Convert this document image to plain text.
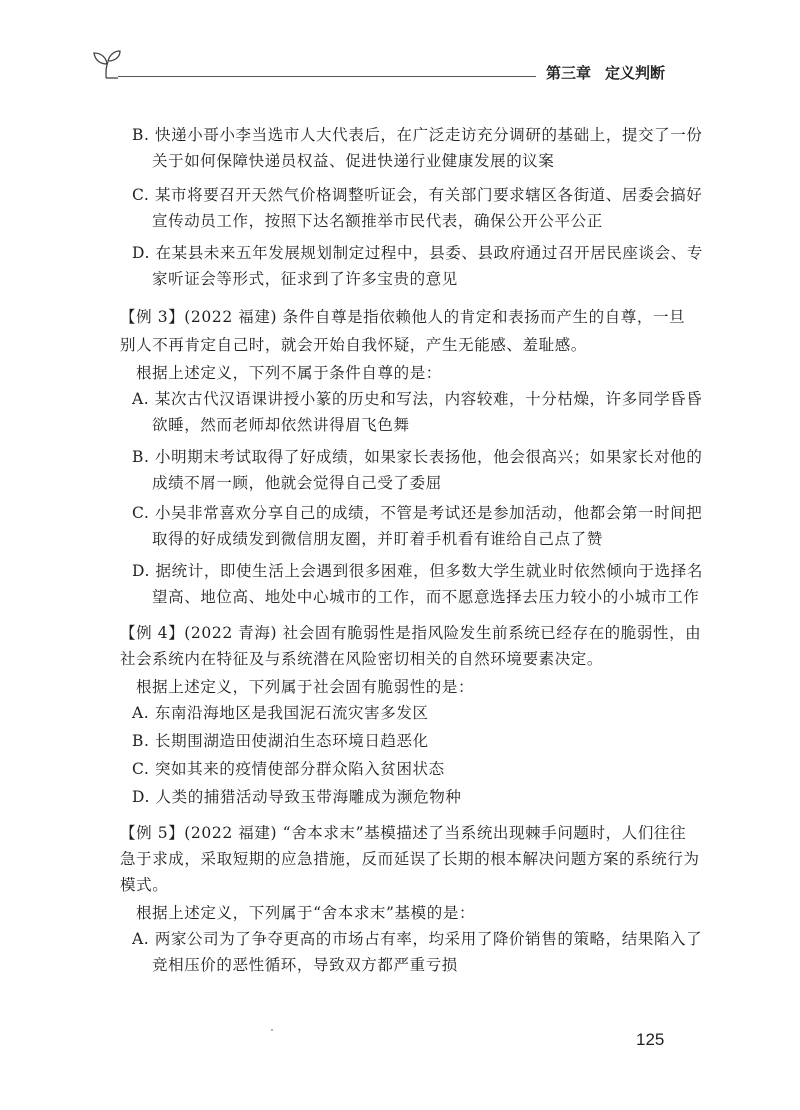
第三章 定义判断
B. 快递小哥小李当选市人大代表后，在广泛走访充分调研的基础上，提交了一份
关于如何保障快递员权益、促进快递行业健康发展的议案
C. 某市将要召开天然气价格调整听证会，有关部门要求辖区各街道、居委会搞好
宣传动员工作，按照下达名额推举市民代表，确保公开公平公正
D. 在某县未来五年发展规划制定过程中，县委、县政府通过召开居民座谈会、专
家听证会等形式，征求到了许多宝贵的意见
【例 3】(2022 福建) 条件自尊是指依赖他人的肯定和表扬而产生的自尊，一旦
别人不再肯定自己时，就会开始自我怀疑，产生无能感、羞耻感。
根据上述定义，下列不属于条件自尊的是：
A. 某次古代汉语课讲授小篆的历史和写法，内容较难，十分枯燥，许多同学昏昏
欲睡，然而老师却依然讲得眉飞色舞
B. 小明期末考试取得了好成绩，如果家长表扬他，他会很高兴；如果家长对他的
成绩不屑一顾，他就会觉得自己受了委屈
C. 小吴非常喜欢分享自己的成绩，不管是考试还是参加活动，他都会第一时间把
取得的好成绩发到微信朋友圈，并盯着手机看有谁给自己点了赞
D. 据统计，即使生活上会遇到很多困难，但多数大学生就业时依然倾向于选择名
望高、地位高、地处中心城市的工作，而不愿意选择去压力较小的小城市工作
【例 4】(2022 青海) 社会固有脆弱性是指风险发生前系统已经存在的脆弱性，由
社会系统内在特征及与系统潜在风险密切相关的自然环境要素决定。
根据上述定义，下列属于社会固有脆弱性的是：
A. 东南沿海地区是我国泥石流灾害多发区
B. 长期围湖造田使湖泊生态环境日趋恶化
C. 突如其来的疫情使部分群众陷入贫困状态
D. 人类的捕猎活动导致玉带海雕成为濒危物种
【例 5】(2022 福建) “舍本求末”基模描述了当系统出现棘手问题时，人们往往
急于求成，采取短期的应急措施，反而延误了长期的根本解决问题方案的系统行为
模式。
根据上述定义，下列属于“舍本求末”基模的是：
A. 两家公司为了争夺更高的市场占有率，均采用了降价销售的策略，结果陷入了
竞相压价的恶性循环，导致双方都严重亏损
125
